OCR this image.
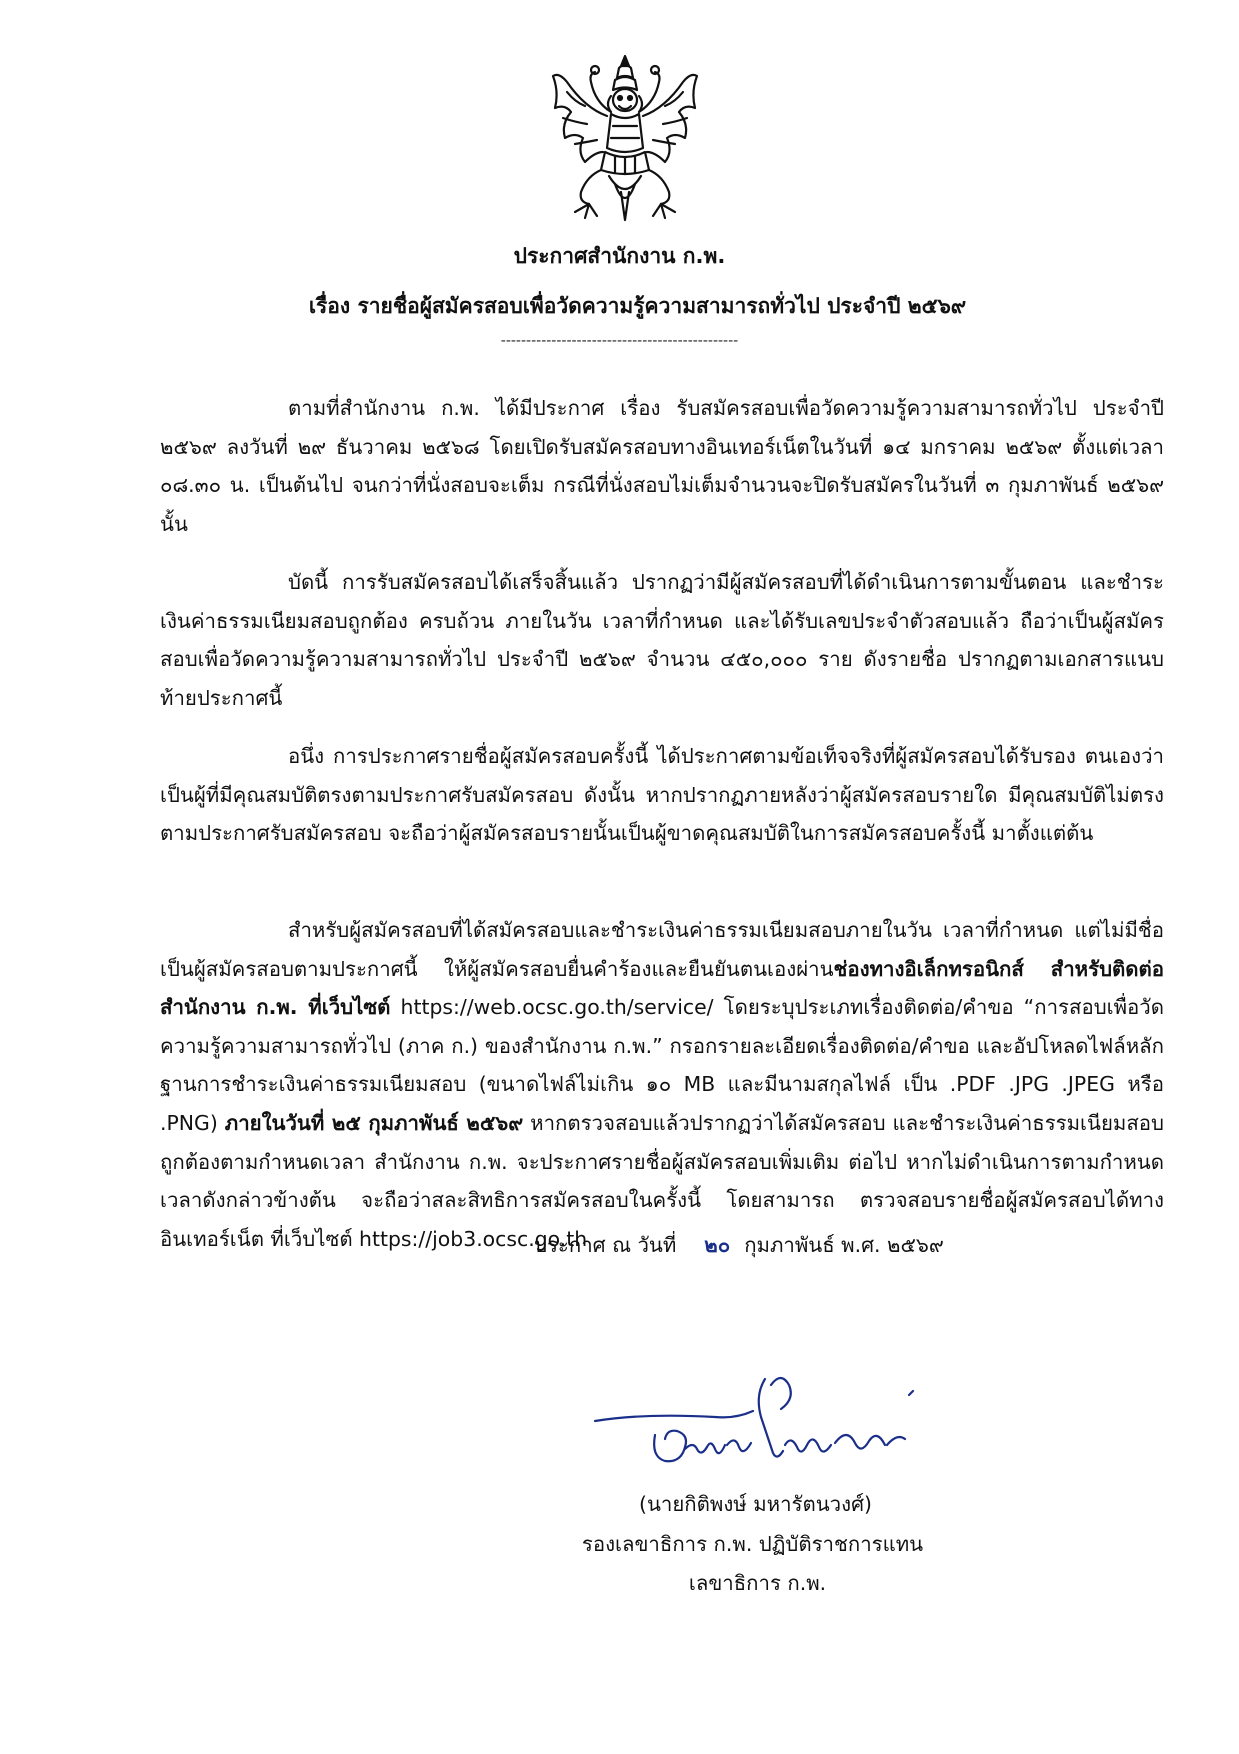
ประกาศสำนักงาน ก.พ.
เรื่อง รายชื่อผู้สมัครสอบเพื่อวัดความรู้ความสามารถทั่วไป ประจำปี ๒๕๖๙
-----------------------------------------------

ตามที่สำนักงาน ก.พ. ได้มีประกาศ เรื่อง รับสมัครสอบเพื่อวัดความรู้ความสามารถทั่วไป ประจำปี ๒๕๖๙ ลงวันที่ ๒๙ ธันวาคม ๒๕๖๘ โดยเปิดรับสมัครสอบทางอินเทอร์เน็ตในวันที่ ๑๔ มกราคม ๒๕๖๙ ตั้งแต่เวลา ๐๘.๓๐ น. เป็นต้นไป จนกว่าที่นั่งสอบจะเต็ม กรณีที่นั่งสอบไม่เต็มจำนวนจะปิดรับสมัครในวันที่ ๓ กุมภาพันธ์ ๒๕๖๙ นั้น

บัดนี้ การรับสมัครสอบได้เสร็จสิ้นแล้ว ปรากฏว่ามีผู้สมัครสอบที่ได้ดำเนินการตามขั้นตอน และชำระเงินค่าธรรมเนียมสอบถูกต้อง ครบถ้วน ภายในวัน เวลาที่กำหนด และได้รับเลขประจำตัวสอบแล้ว ถือว่าเป็นผู้สมัครสอบเพื่อวัดความรู้ความสามารถทั่วไป ประจำปี ๒๕๖๙ จำนวน ๔๕๐,๐๐๐ ราย ดังรายชื่อ ปรากฏตามเอกสารแนบท้ายประกาศนี้

อนึ่ง การประกาศรายชื่อผู้สมัครสอบครั้งนี้ ได้ประกาศตามข้อเท็จจริงที่ผู้สมัครสอบได้รับรอง ตนเองว่าเป็นผู้ที่มีคุณสมบัติตรงตามประกาศรับสมัครสอบ ดังนั้น หากปรากฏภายหลังว่าผู้สมัครสอบรายใด มีคุณสมบัติไม่ตรงตามประกาศรับสมัครสอบ จะถือว่าผู้สมัครสอบรายนั้นเป็นผู้ขาดคุณสมบัติในการสมัครสอบครั้งนี้ มาตั้งแต่ต้น

สำหรับผู้สมัครสอบที่ได้สมัครสอบและชำระเงินค่าธรรมเนียมสอบภายในวัน เวลาที่กำหนด แต่ไม่มีชื่อ เป็นผู้สมัครสอบตามประกาศนี้ ให้ผู้สมัครสอบยื่นคำร้องและยืนยันตนเองผ่านช่องทางอิเล็กทรอนิกส์ สำหรับติดต่อสำนักงาน ก.พ. ที่เว็บไซต์ https://web.ocsc.go.th/service/ โดยระบุประเภทเรื่องติดต่อ/คำขอ “การสอบเพื่อวัดความรู้ความสามารถทั่วไป (ภาค ก.) ของสำนักงาน ก.พ.” กรอกรายละเอียดเรื่องติดต่อ/คำขอ และอัปโหลดไฟล์หลักฐานการชำระเงินค่าธรรมเนียมสอบ (ขนาดไฟล์ไม่เกิน ๑๐ MB และมีนามสกุลไฟล์ เป็น .PDF .JPG .JPEG หรือ .PNG) ภายในวันที่ ๒๕ กุมภาพันธ์ ๒๕๖๙ หากตรวจสอบแล้วปรากฏว่าได้สมัครสอบ และชำระเงินค่าธรรมเนียมสอบถูกต้องตามกำหนดเวลา สำนักงาน ก.พ. จะประกาศรายชื่อผู้สมัครสอบเพิ่มเติม ต่อไป หากไม่ดำเนินการตามกำหนดเวลาดังกล่าวข้างต้น จะถือว่าสละสิทธิการสมัครสอบในครั้งนี้ โดยสามารถ ตรวจสอบรายชื่อผู้สมัครสอบได้ทางอินเทอร์เน็ต ที่เว็บไซต์ https://job3.ocsc.go.th

ประกาศ ณ วันที่ ๒๐ กุมภาพันธ์ พ.ศ. ๒๕๖๙
(นายกิติพงษ์ มหารัตนวงศ์)
รองเลขาธิการ ก.พ. ปฏิบัติราชการแทน
เลขาธิการ ก.พ.
